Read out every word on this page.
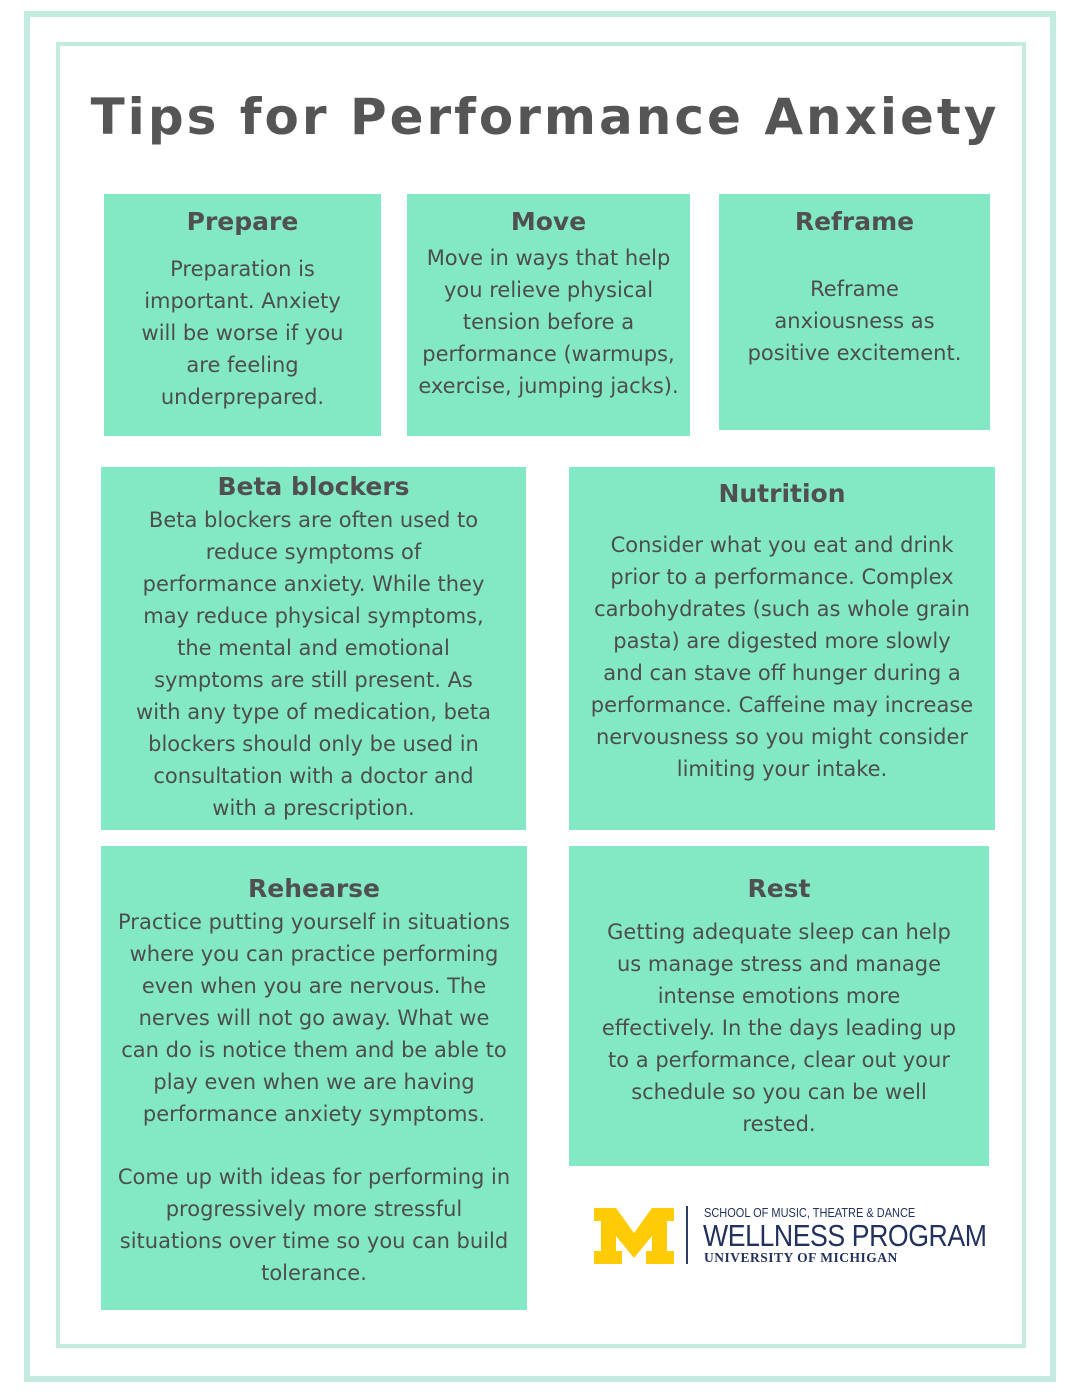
Tips for Performance Anxiety
Prepare

Preparation is
important. Anxiety
will be worse if you
are feeling
underprepared.

Move

Move in ways that help
you relieve physical
tension before a
performance (warmups,
exercise, jumping jacks).

Reframe

Reframe
anxiousness as
positive excitement.

Beta blockers

Beta blockers are often used to
reduce symptoms of
performance anxiety. While they
may reduce physical symptoms,
the mental and emotional
symptoms are still present. As
with any type of medication, beta
blockers should only be used in
consultation with a doctor and
with a prescription.

Nutrition

Consider what you eat and drink
prior to a performance. Complex
carbohydrates (such as whole grain
pasta) are digested more slowly
and can stave off hunger during a
performance. Caffeine may increase
nervousness so you might consider
limiting your intake.

Rehearse

Practice putting yourself in situations
where you can practice performing
even when you are nervous. The
nerves will not go away. What we
can do is notice them and be able to
play even when we are having
performance anxiety symptoms.

Come up with ideas for performing in
progressively more stressful
situations over time so you can build
tolerance.

Rest

Getting adequate sleep can help
us manage stress and manage
intense emotions more
effectively. In the days leading up
to a performance, clear out your
schedule so you can be well
rested.

SCHOOL OF MUSIC, THEATRE & DANCE
WELLNESS PROGRAM
UNIVERSITY OF MICHIGAN
